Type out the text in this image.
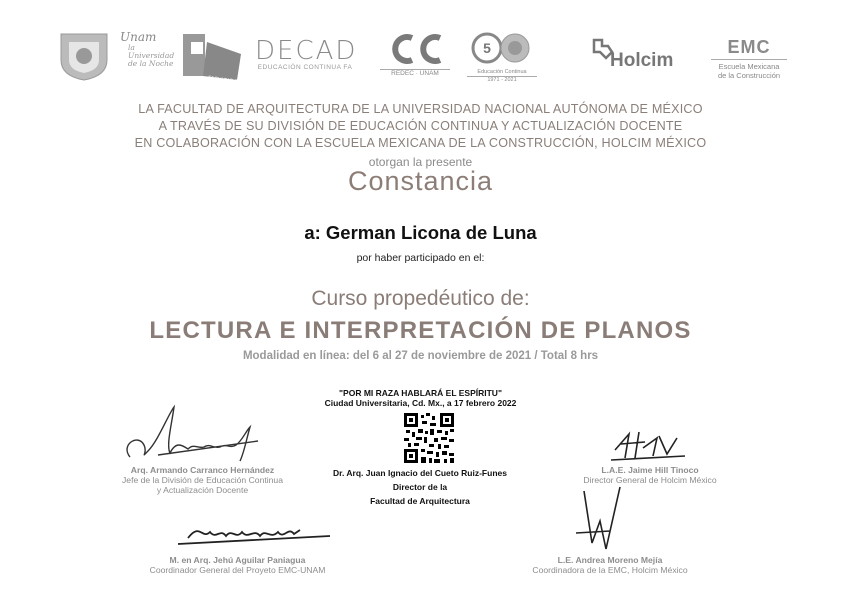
Unam
la Universidad de la Noche
FACULTAD DE ARQUITECTURA
DECAD
EDUCACIÓN CONTINUA FA
REDEC · UNAM
5
Educación Continua
1971 - 2021
Holcim
EMC
Escuela Mexicana
de la Construcción
LA FACULTAD DE ARQUITECTURA DE LA UNIVERSIDAD NACIONAL AUTÓNOMA DE MÉXICO
A TRAVÉS DE SU DIVISIÓN DE EDUCACIÓN CONTINUA Y ACTUALIZACIÓN DOCENTE
EN COLABORACIÓN CON LA ESCUELA MEXICANA DE LA CONSTRUCCIÓN, HOLCIM MÉXICO
otorgan la presente
Constancia
a: German Licona de Luna
por haber participado en el:
Curso propedéutico de:
LECTURA E INTERPRETACIÓN DE PLANOS
Modalidad en línea: del 6 al 27 de noviembre de 2021 / Total 8 hrs
"POR MI RAZA HABLARÁ EL ESPÍRITU"
Ciudad Universitaria, Cd. Mx., a 17 febrero 2022
Arq. Armando Carranco Hernández
Jefe de la División de Educación Continua
y Actualización Docente
Dr. Arq. Juan Ignacio del Cueto Ruiz-Funes
Director de la
Facultad de Arquitectura
L.A.E. Jaime Hill Tinoco
Director General de Holcim México
M. en Arq. Jehú Aguilar Paniagua
Coordinador General del Proyeto EMC-UNAM
L.E. Andrea Moreno Mejía
Coordinadora de la EMC, Holcim México
